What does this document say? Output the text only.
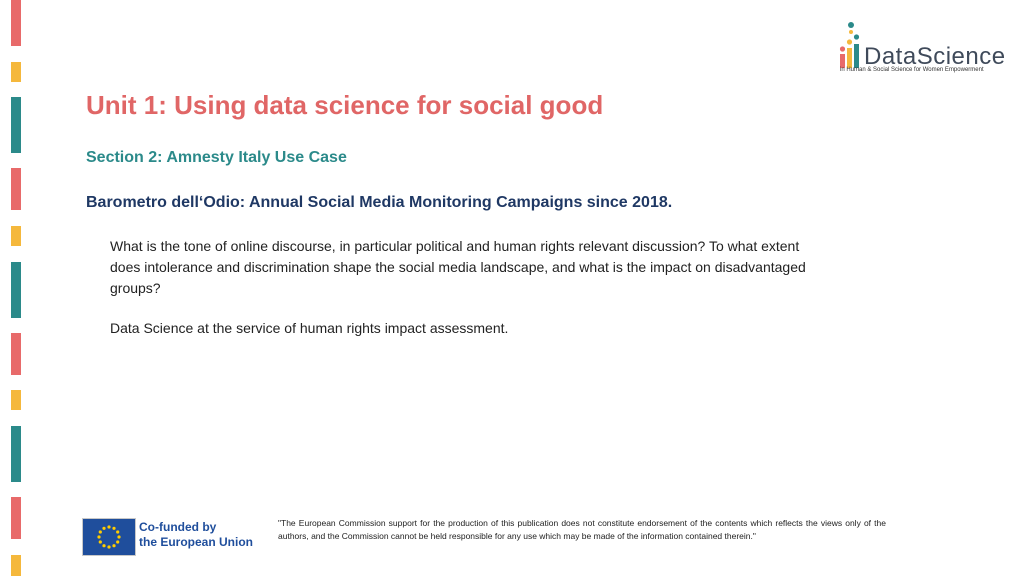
DataScience
in Human & Social Science for Women Empowerment
Unit 1: Using data science for social good
Section 2: Amnesty Italy Use Case
Barometro dell‘Odio: Annual Social Media Monitoring Campaigns since 2018.

What is the tone of online discourse, in particular political and human rights relevant discussion? To what extent does intolerance and discrimination shape the social media landscape, and what is the impact on disadvantaged groups?

Data Science at the service of human rights impact assessment.

Co-funded by
the European Union

"The European Commission support for the production of this publication does not constitute endorsement of the contents which reflects the views only of the authors, and the Commission cannot be held responsible for any use which may be made of the information contained therein."
